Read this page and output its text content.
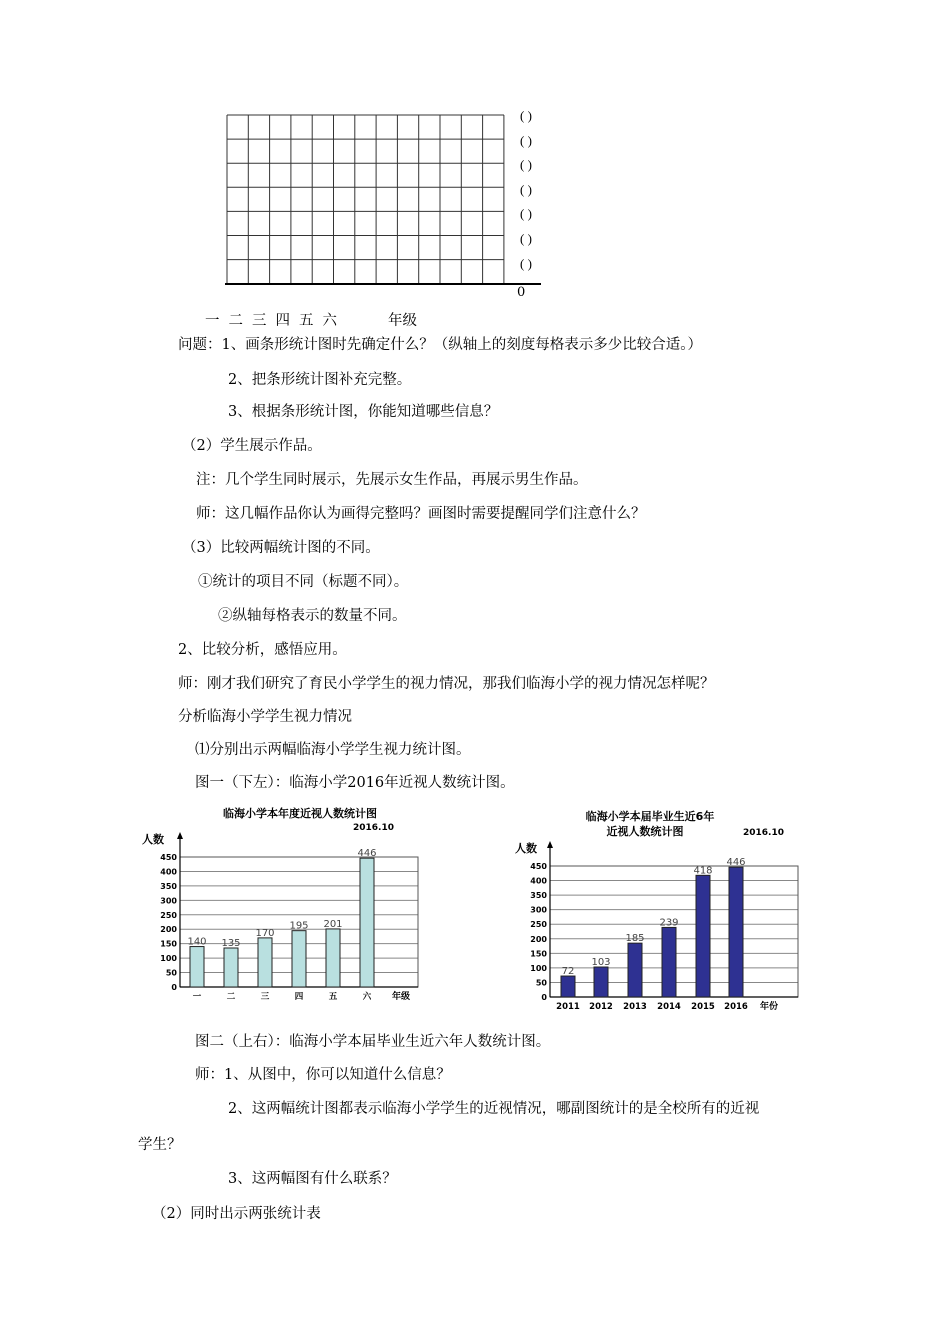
( )
( )
( )
( )
( )
( )
( )
0
一 二 三 四 五 六	年级
问题：1、画条形统计图时先确定什么？（纵轴上的刻度每格表示多少比较合适。）
2、把条形统计图补充完整。
3、根据条形统计图，你能知道哪些信息？
（2）学生展示作品。
注：几个学生同时展示，先展示女生作品，再展示男生作品。
师：这几幅作品你认为画得完整吗？画图时需要提醒同学们注意什么？
（3）比较两幅统计图的不同。
①统计的项目不同（标题不同）。
②纵轴每格表示的数量不同。
2、比较分析，感悟应用。
师：刚才我们研究了育民小学学生的视力情况，那我们临海小学的视力情况怎样呢？
分析临海小学学生视力情况
⑴分别出示两幅临海小学学生视力统计图。
图一（下左）：临海小学2016年近视人数统计图。
0
50
100
150
200
250
300
350
400
450
140
一
135
二
170
三
195
四
201
五
446
六 年级
人数
临海小学本年度近视人数统计图
2016.10
0
50
100
150
200
250
300
350
400
450
72
2011
103
2012
185
2013
239
2014
418
2015
446
2016 年份
人数
临海小学本届毕业生近6年
近视人数统计图	2016.10
图二（上右）：临海小学本届毕业生近六年人数统计图。
师：1、从图中，你可以知道什么信息？
2、这两幅统计图都表示临海小学学生的近视情况，哪副图统计的是全校所有的近视
学生？
3、这两幅图有什么联系？
（2）同时出示两张统计表
